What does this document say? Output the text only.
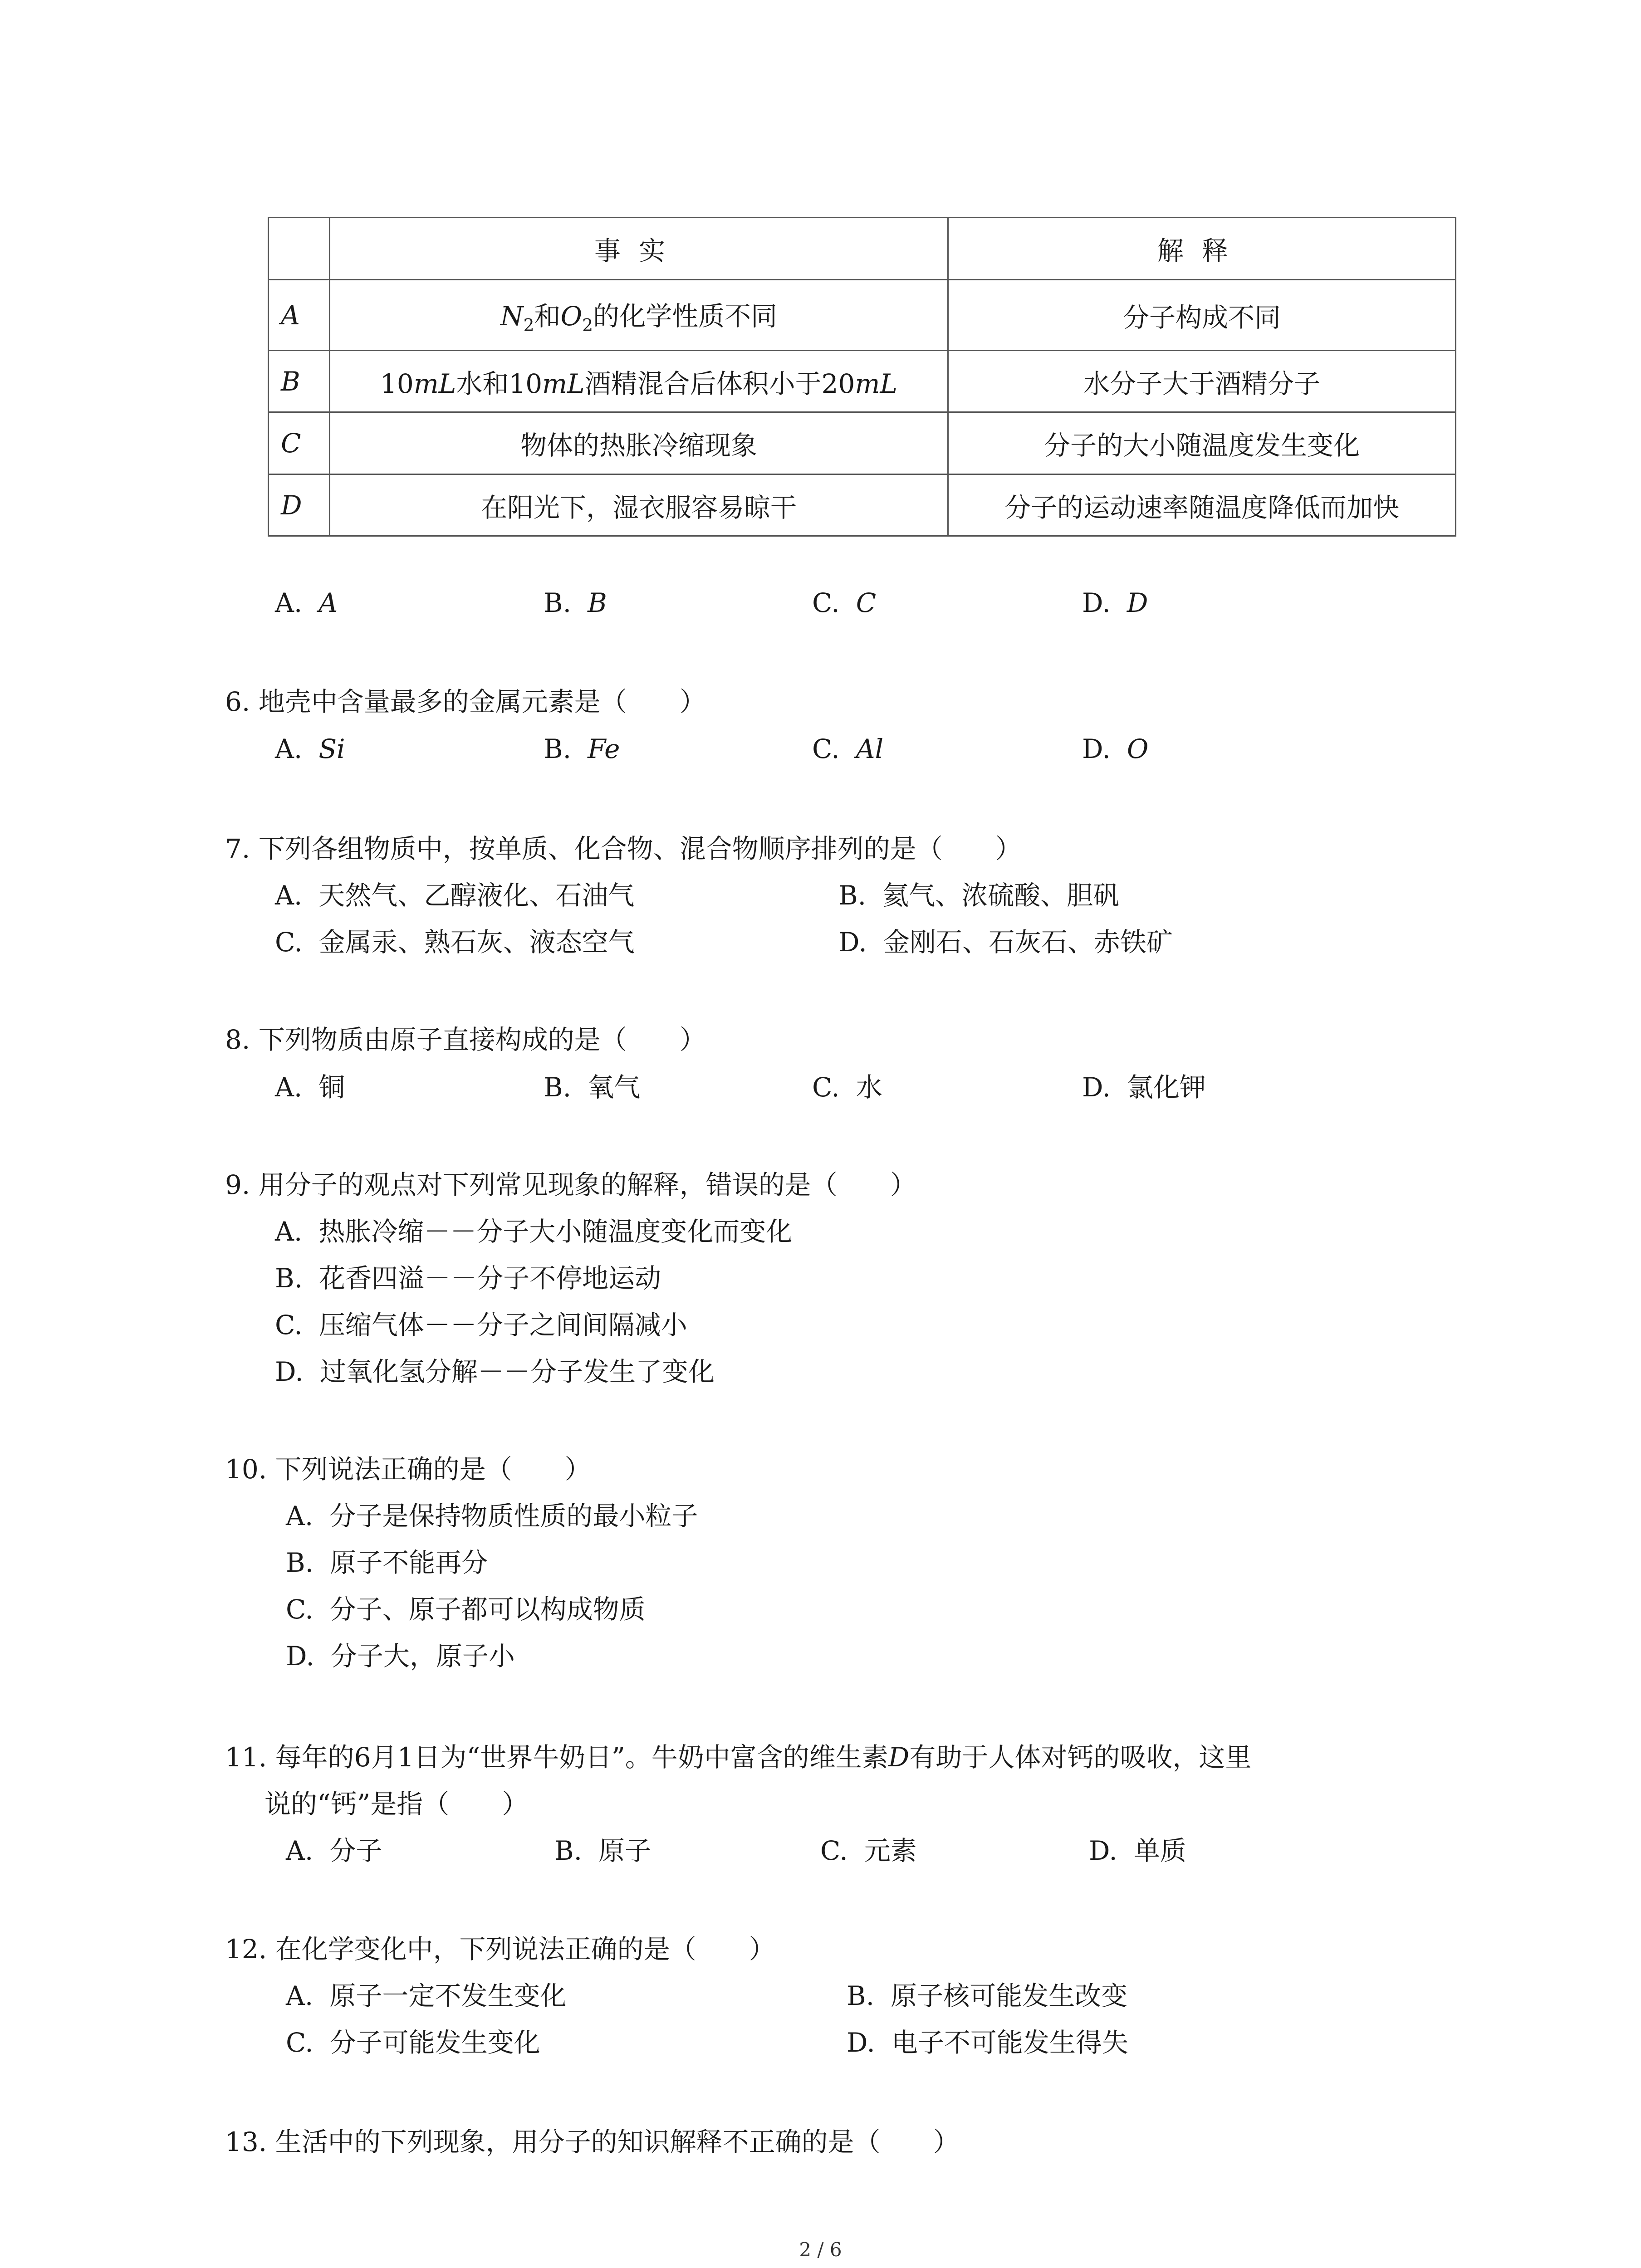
	事实	解释
A	$N_2$和$O_2$的化学性质不同	分子构成不同
B	10mL水和10mL酒精混合后体积小于20mL	水分子大于酒精分子
C	物体的热胀冷缩现象	分子的大小随温度发生变化
D	在阳光下，湿衣服容易晾干	分子的运动速率随温度降低而加快
A. A	B. B	C. C	D. D
6. 地壳中含量最多的金属元素是（　　）
A. Si	B. Fe	C. Al	D. O
7. 下列各组物质中，按单质、化合物、混合物顺序排列的是（　　）
A. 天然气、乙醇液化、石油气	B. 氦气、浓硫酸、胆矾
C. 金属汞、熟石灰、液态空气	D. 金刚石、石灰石、赤铁矿
8. 下列物质由原子直接构成的是（　　）
A. 铜	B. 氧气	C. 水	D. 氯化钾
9. 用分子的观点对下列常见现象的解释，错误的是（　　）
A. 热胀冷缩－－分子大小随温度变化而变化
B. 花香四溢－－分子不停地运动
C. 压缩气体－－分子之间间隔减小
D. 过氧化氢分解－－分子发生了变化
10. 下列说法正确的是（　　）
A. 分子是保持物质性质的最小粒子
B. 原子不能再分
C. 分子、原子都可以构成物质
D. 分子大，原子小
11. 每年的6月1日为“世界牛奶日”。牛奶中富含的维生素D有助于人体对钙的吸收，这里
说的“钙”是指（　　）
A. 分子	B. 原子	C. 元素	D. 单质
12. 在化学变化中，下列说法正确的是（　　）
A. 原子一定不发生变化	B. 原子核可能发生改变
C. 分子可能发生变化	D. 电子不可能发生得失
13. 生活中的下列现象，用分子的知识解释不正确的是（　　）
2 / 6
